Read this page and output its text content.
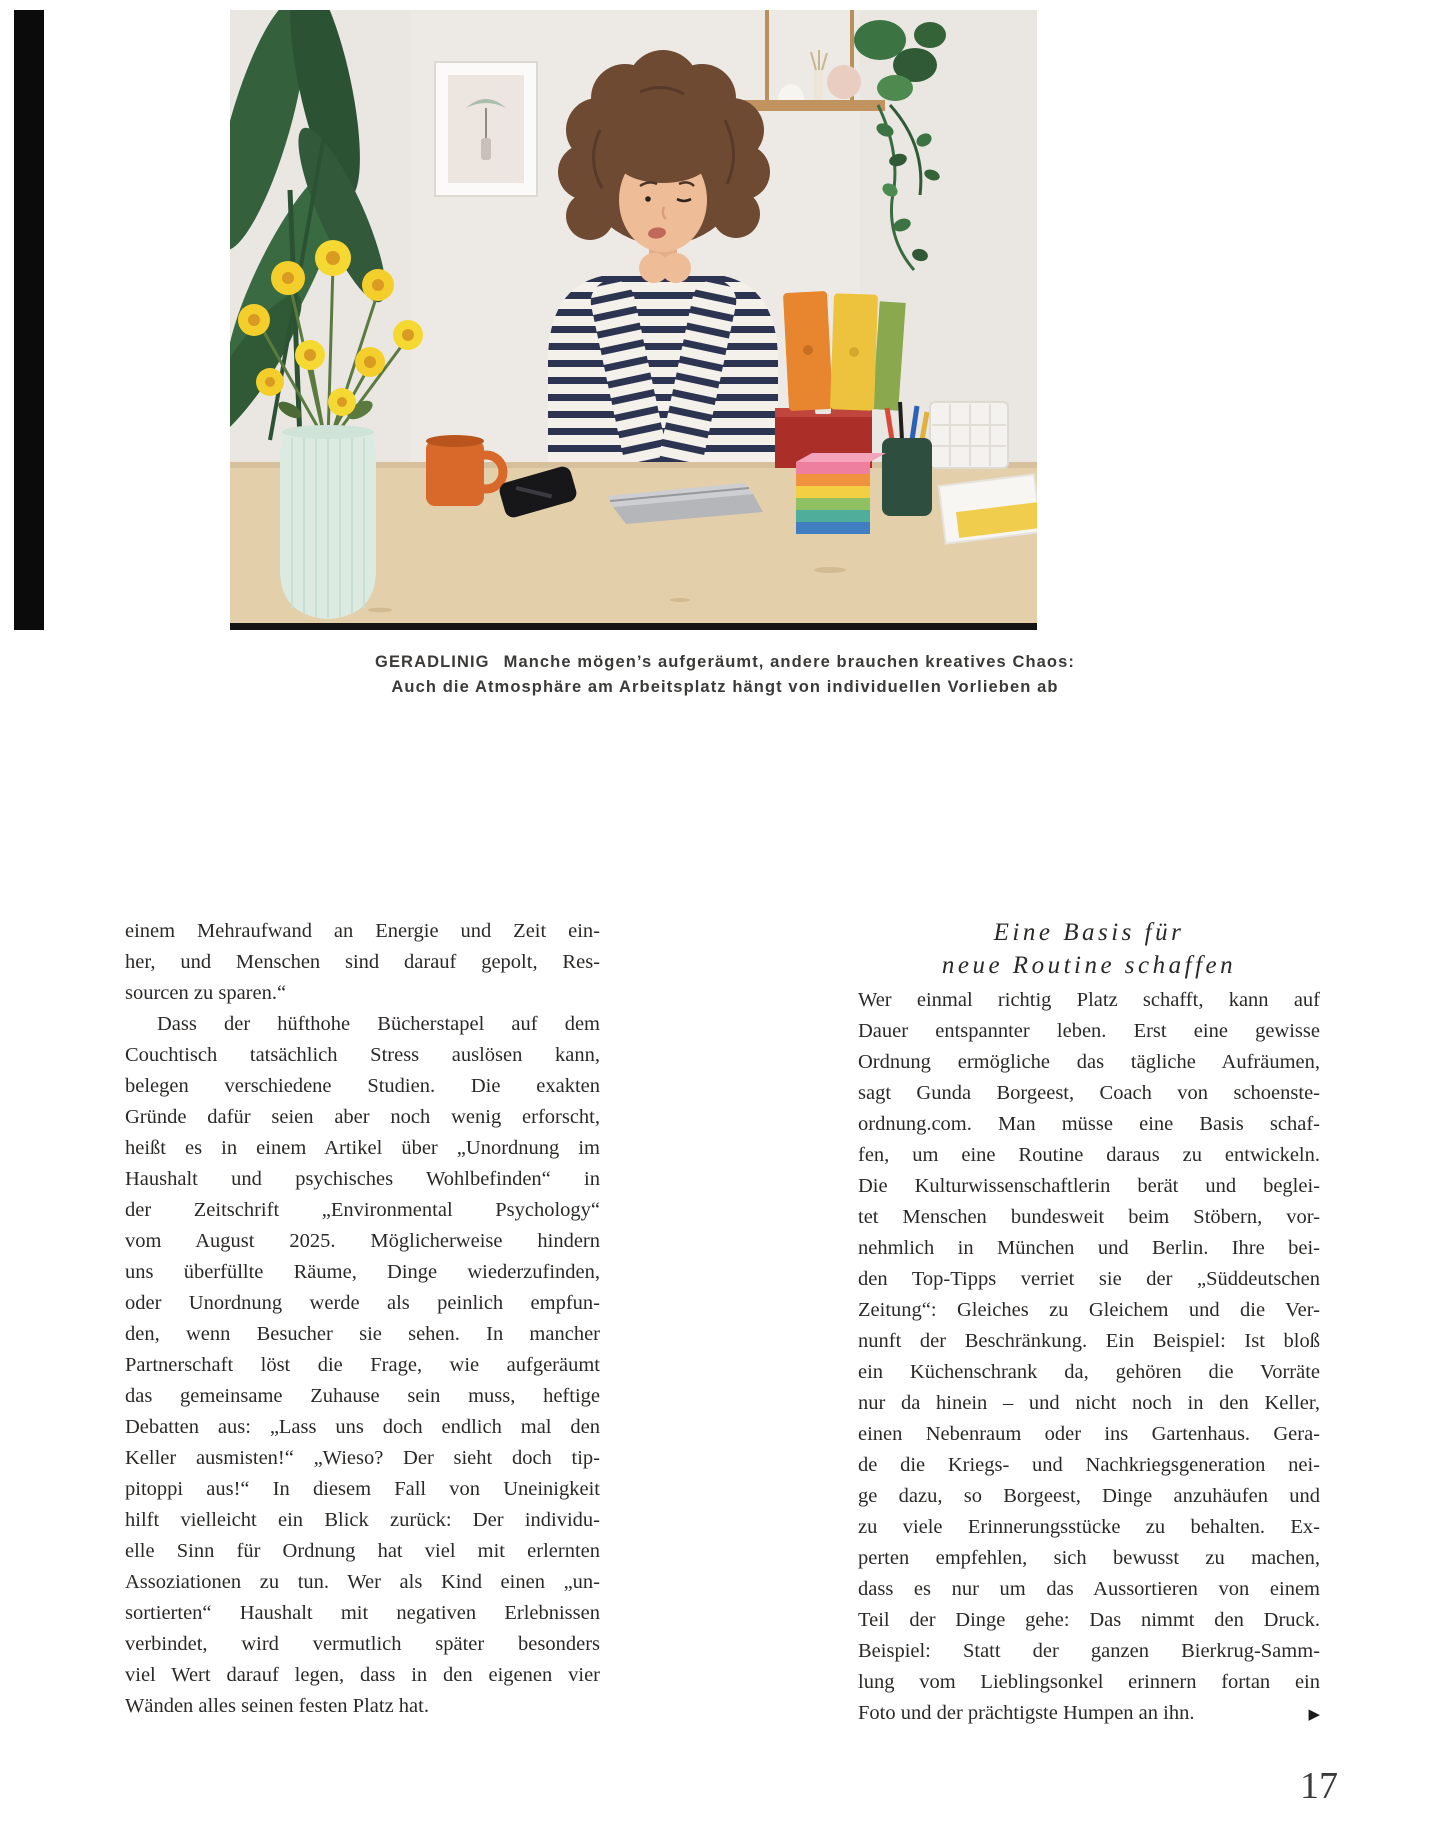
GERADLINIG Manche mögen’s aufgeräumt, andere brauchen kreatives Chaos:
Auch die Atmosphäre am Arbeitsplatz hängt von individuellen Vorlieben ab
einem Mehraufwand an Energie und Zeit ein-
her, und Menschen sind darauf gepolt, Res-
sourcen zu sparen.“
Dass der hüfthohe Bücherstapel auf dem
Couchtisch tatsächlich Stress auslösen kann,
belegen verschiedene Studien. Die exakten
Gründe dafür seien aber noch wenig erforscht,
heißt es in einem Artikel über „Unordnung im
Haushalt und psychisches Wohlbefinden“ in
der Zeitschrift „Environmental Psychology“
vom August 2025. Möglicherweise hindern
uns überfüllte Räume, Dinge wiederzufinden,
oder Unordnung werde als peinlich empfun-
den, wenn Besucher sie sehen. In mancher
Partnerschaft löst die Frage, wie aufgeräumt
das gemeinsame Zuhause sein muss, heftige
Debatten aus: „Lass uns doch endlich mal den
Keller ausmisten!“ „Wieso? Der sieht doch tip-
pitoppi aus!“ In diesem Fall von Uneinigkeit
hilft vielleicht ein Blick zurück: Der individu-
elle Sinn für Ordnung hat viel mit erlernten
Assoziationen zu tun. Wer als Kind einen „un-
sortierten“ Haushalt mit negativen Erlebnissen
verbindet, wird vermutlich später besonders
viel Wert darauf legen, dass in den eigenen vier
Wänden alles seinen festen Platz hat.
Eine Basis für
neue Routine schaffen
Wer einmal richtig Platz schafft, kann auf
Dauer entspannter leben. Erst eine gewisse
Ordnung ermögliche das tägliche Aufräumen,
sagt Gunda Borgeest, Coach von schoenste-
ordnung.com. Man müsse eine Basis schaf-
fen, um eine Routine daraus zu entwickeln.
Die Kulturwissenschaftlerin berät und beglei-
tet Menschen bundesweit beim Stöbern, vor-
nehmlich in München und Berlin. Ihre bei-
den Top-Tipps verriet sie der „Süddeutschen
Zeitung“: Gleiches zu Gleichem und die Ver-
nunft der Beschränkung. Ein Beispiel: Ist bloß
ein Küchenschrank da, gehören die Vorräte
nur da hinein – und nicht noch in den Keller,
einen Nebenraum oder ins Gartenhaus. Gera-
de die Kriegs- und Nachkriegsgeneration nei-
ge dazu, so Borgeest, Dinge anzuhäufen und
zu viele Erinnerungsstücke zu behalten. Ex-
perten empfehlen, sich bewusst zu machen,
dass es nur um das Aussortieren von einem
Teil der Dinge gehe: Das nimmt den Druck.
Beispiel: Statt der ganzen Bierkrug-Samm-
lung vom Lieblingsonkel erinnern fortan ein
Foto und der prächtigste Humpen an ihn.	▶
17
